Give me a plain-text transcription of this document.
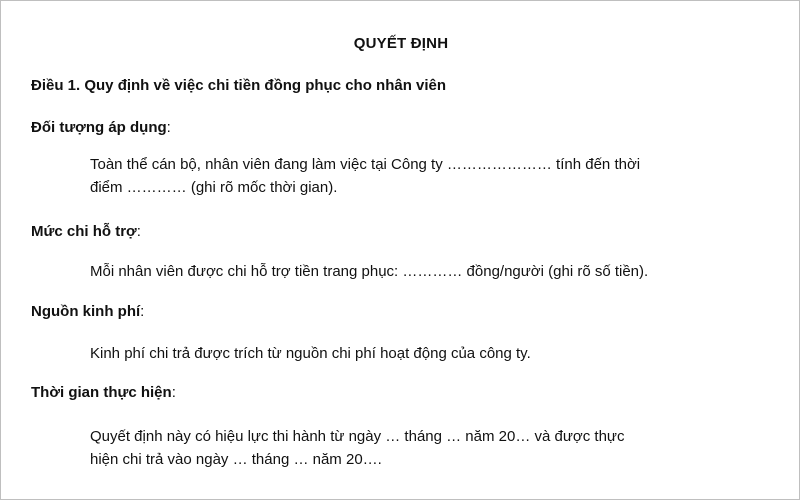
QUYẾT ĐỊNH
Điều 1. Quy định về việc chi tiền đồng phục cho nhân viên
Đối tượng áp dụng:
Toàn thể cán bộ, nhân viên đang làm việc tại Công ty ………………… tính đến thời
điểm ………… (ghi rõ mốc thời gian).
Mức chi hỗ trợ:
Mỗi nhân viên được chi hỗ trợ tiền trang phục: ………… đồng/người (ghi rõ số tiền).
Nguồn kinh phí:
Kinh phí chi trả được trích từ nguồn chi phí hoạt động của công ty.
Thời gian thực hiện:
Quyết định này có hiệu lực thi hành từ ngày … tháng … năm 20… và được thực
hiện chi trả vào ngày … tháng … năm 20….
